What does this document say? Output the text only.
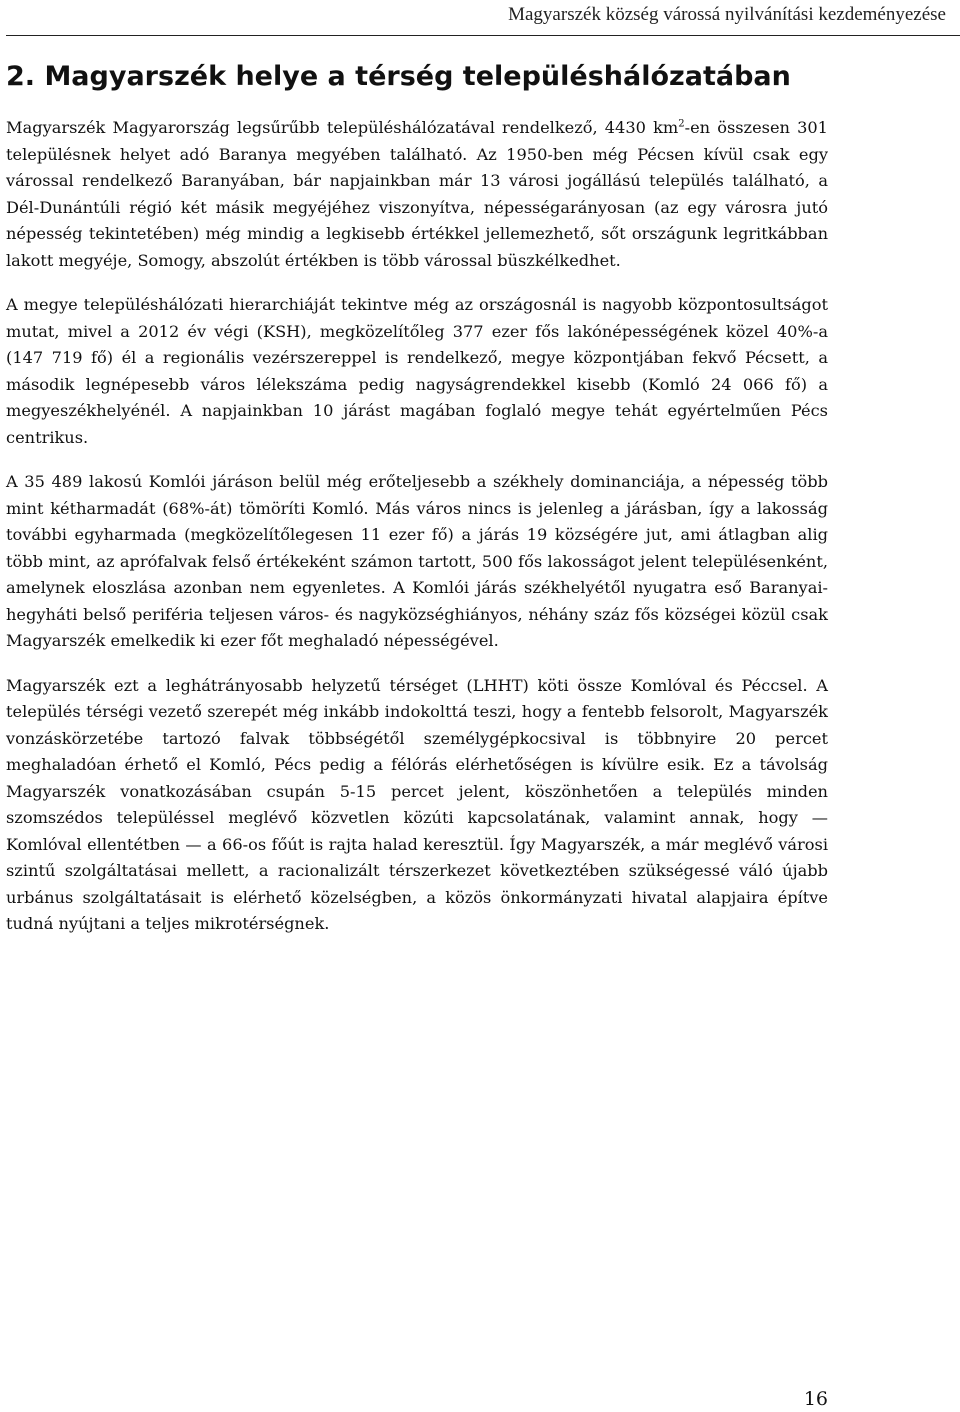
Magyarszék község várossá nyilvánítási kezdeményezése
2. Magyarszék helye a térség településhálózatában

Magyarszék Magyarország legsűrűbb településhálózatával rendelkező, 4430 $km^2-en$ összesen 301 településnek helyet adó Baranya megyében található. Az 1950-ben még Pécsen kívül csak egy várossal rendelkező Baranyában, bár napjainkban már 13 városi jogállású település található, a Dél-Dunántúli régió két másik megyéjéhez viszonyítva, népességarányosan (az egy városra jutó népesség tekintetében) még mindig a legkisebb értékkel jellemezhető, sőt országunk legritkábban lakott megyéje, Somogy, abszolút értékben is több várossal büszkélkedhet.

A megye településhálózati hierarchiáját tekintve még az országosnál is nagyobb központosultságot mutat, mivel a 2012 év végi (KSH), megközelítőleg 377 ezer fős lakónépességének közel 40%-a (147 719 fő) él a regionális vezérszereppel is rendelkező, megye központjában fekvő Pécsett, a második legnépesebb város lélekszáma pedig nagyságrendekkel kisebb (Komló 24 066 fő) a megyeszékhelyénél. A napjainkban 10 járást magában foglaló megye tehát egyértelműen Pécs centrikus.

A 35 489 lakosú Komlói járáson belül még erőteljesebb a székhely dominanciája, a népesség több mint kétharmadát (68%-át) tömöríti Komló. Más város nincs is jelenleg a járásban, így a lakosság további egyharmada (megközelítőlegesen 11 ezer fő) a járás 19 községére jut, ami átlagban alig több mint, az aprófalvak felső értékeként számon tartott, 500 fős lakosságot jelent településenként, amelynek eloszlása azonban nem egyenletes. A Komlói járás székhelyétől nyugatra eső Baranyai-hegyháti belső periféria teljesen város- és nagyközséghiányos, néhány száz fős községei közül csak Magyarszék emelkedik ki ezer főt meghaladó népességével.

Magyarszék ezt a leghátrányosabb helyzetű térséget (LHHT) köti össze Komlóval és Péccsel. A település térségi vezető szerepét még inkább indokolttá teszi, hogy a fentebb felsorolt, Magyarszék vonzáskörzetébe tartozó falvak többségétől személygépkocsival is többnyire 20 percet meghaladóan érhető el Komló, Pécs pedig a félórás elérhetőségen is kívülre esik. Ez a távolság Magyarszék vonatkozásában csupán 5-15 percet jelent, köszönhetően a település minden szomszédos településsel meglévő közvetlen közúti kapcsolatának, valamint annak, hogy — Komlóval ellentétben — a 66-os főút is rajta halad keresztül. Így Magyarszék, a már meglévő városi szintű szolgáltatásai mellett, a racionalizált térszerkezet következtében szükségessé váló újabb urbánus szolgáltatásait is elérhető közelségben, a közös önkormányzati hivatal alapjaira építve tudná nyújtani a teljes mikrotérségnek.

16
